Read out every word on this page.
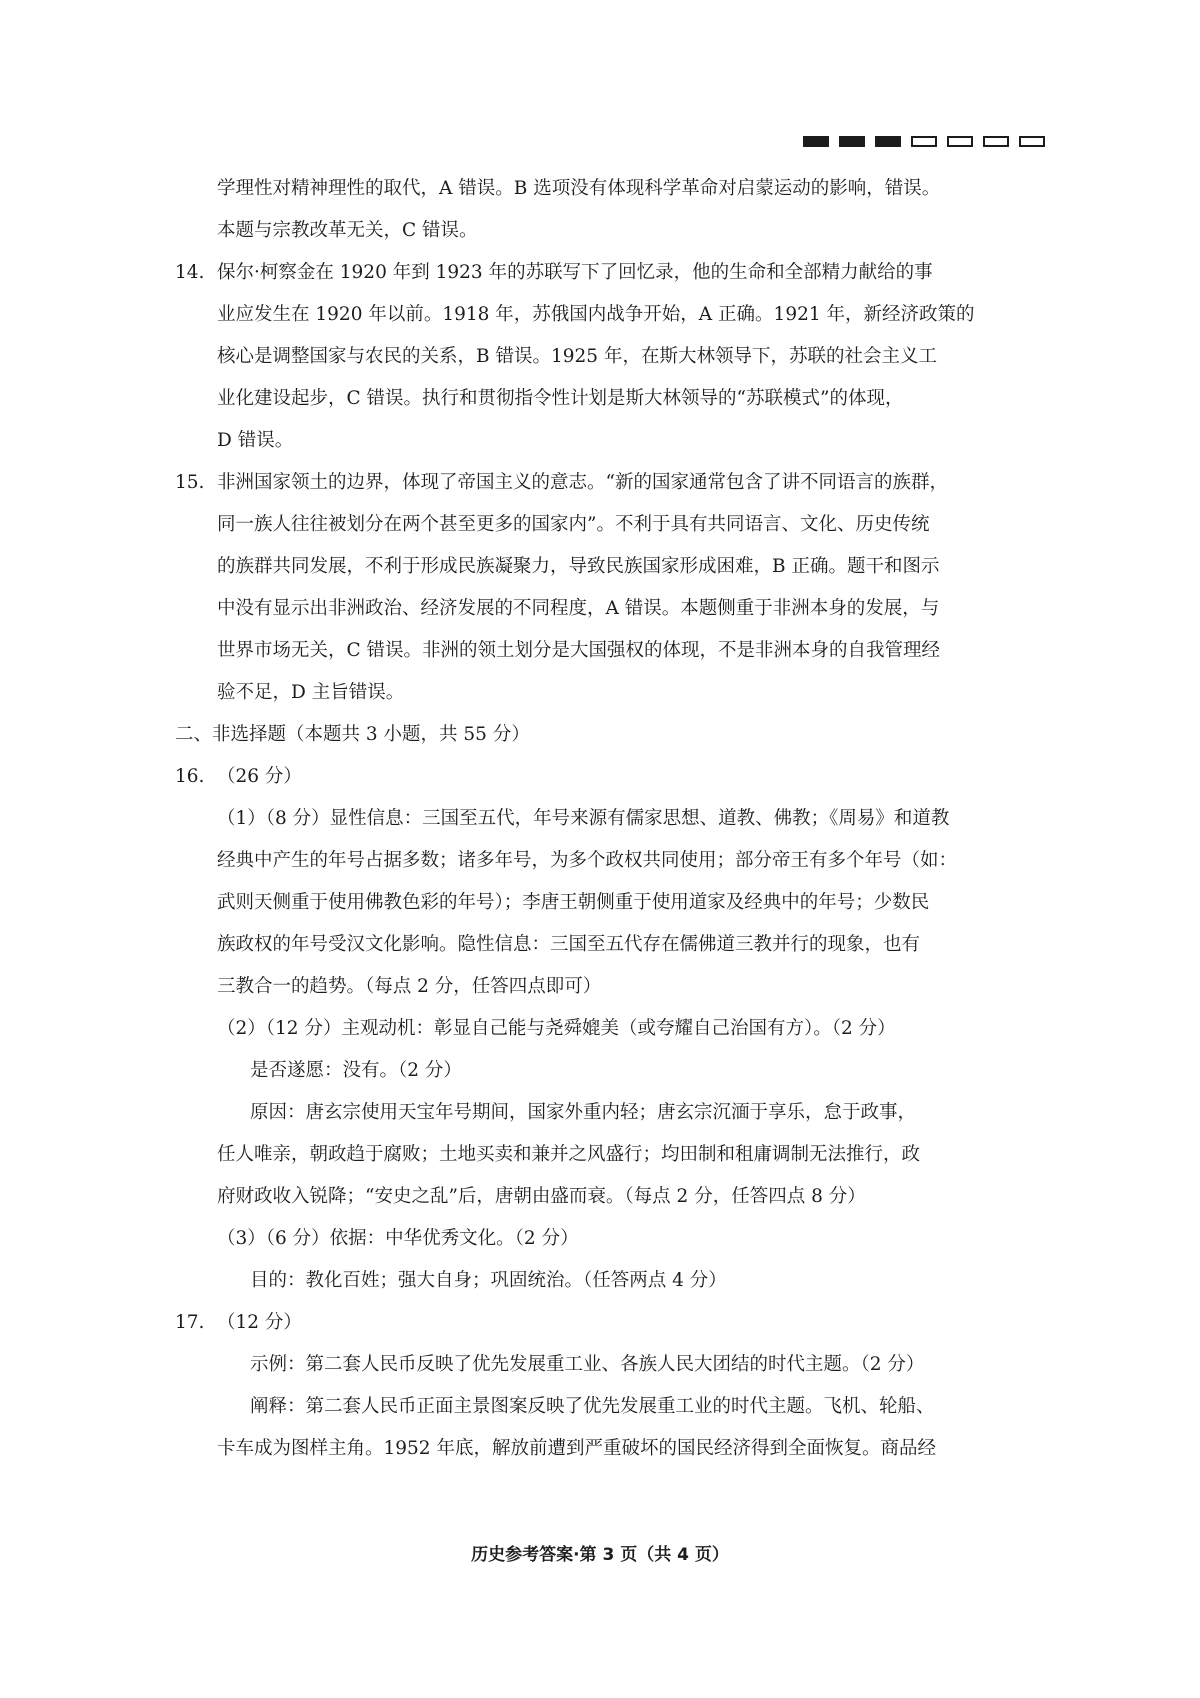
学理性对精神理性的取代，A 错误。B 选项没有体现科学革命对启蒙运动的影响，错误。
本题与宗教改革无关，C 错误。
14. 保尔·柯察金在 1920 年到 1923 年的苏联写下了回忆录，他的生命和全部精力献给的事
业应发生在 1920 年以前。1918 年，苏俄国内战争开始，A 正确。1921 年，新经济政策的
核心是调整国家与农民的关系，B 错误。1925 年，在斯大林领导下，苏联的社会主义工
业化建设起步，C 错误。执行和贯彻指令性计划是斯大林领导的“苏联模式”的体现，
D 错误。
15. 非洲国家领土的边界，体现了帝国主义的意志。“新的国家通常包含了讲不同语言的族群，
同一族人往往被划分在两个甚至更多的国家内”。不利于具有共同语言、文化、历史传统
的族群共同发展，不利于形成民族凝聚力，导致民族国家形成困难，B 正确。题干和图示
中没有显示出非洲政治、经济发展的不同程度，A 错误。本题侧重于非洲本身的发展，与
世界市场无关，C 错误。非洲的领土划分是大国强权的体现，不是非洲本身的自我管理经
验不足，D 主旨错误。
二、非选择题（本题共 3 小题，共 55 分）
16. （26 分）
（1）（8 分）显性信息：三国至五代，年号来源有儒家思想、道教、佛教；《周易》和道教
经典中产生的年号占据多数；诸多年号，为多个政权共同使用；部分帝王有多个年号（如：
武则天侧重于使用佛教色彩的年号）；李唐王朝侧重于使用道家及经典中的年号；少数民
族政权的年号受汉文化影响。隐性信息：三国至五代存在儒佛道三教并行的现象，也有
三教合一的趋势。（每点 2 分，任答四点即可）
（2）（12 分）主观动机：彰显自己能与尧舜媲美（或夸耀自己治国有方）。（2 分）
是否遂愿：没有。（2 分）
原因：唐玄宗使用天宝年号期间，国家外重内轻；唐玄宗沉湎于享乐，怠于政事，
任人唯亲，朝政趋于腐败；土地买卖和兼并之风盛行；均田制和租庸调制无法推行，政
府财政收入锐降；“安史之乱”后，唐朝由盛而衰。（每点 2 分，任答四点 8 分）
（3）（6 分）依据：中华优秀文化。（2 分）
目的：教化百姓；强大自身；巩固统治。（任答两点 4 分）
17. （12 分）
示例：第二套人民币反映了优先发展重工业、各族人民大团结的时代主题。（2 分）
阐释：第二套人民币正面主景图案反映了优先发展重工业的时代主题。飞机、轮船、
卡车成为图样主角。1952 年底，解放前遭到严重破坏的国民经济得到全面恢复。商品经
历史参考答案·第 3 页（共 4 页）
